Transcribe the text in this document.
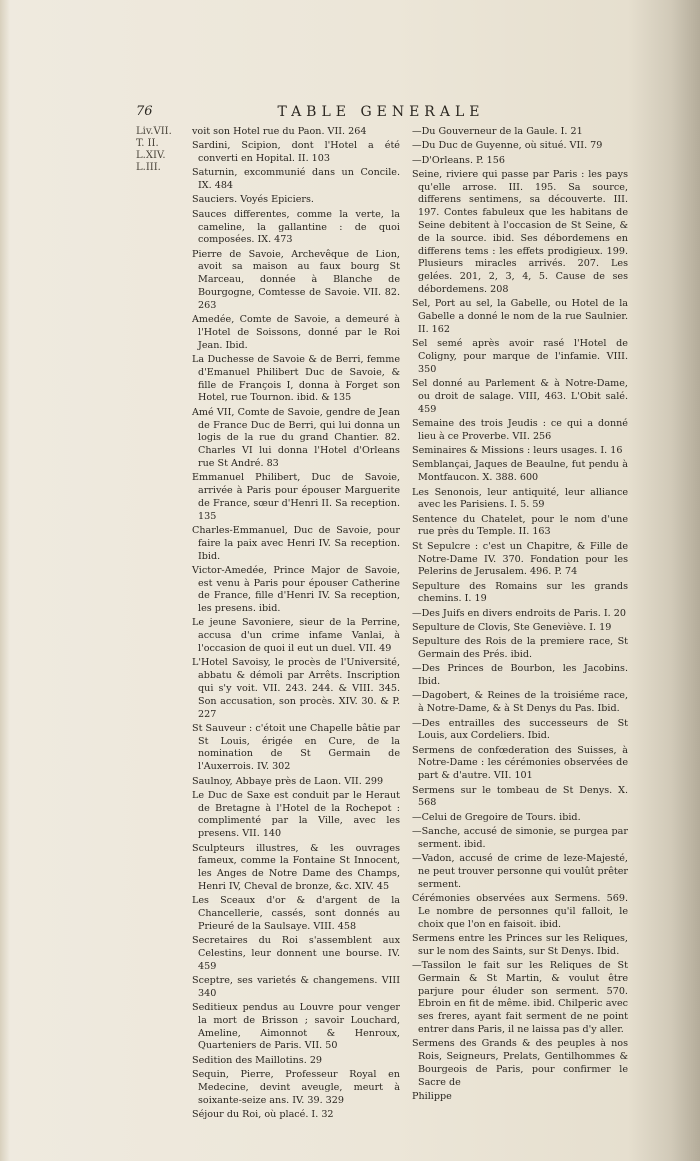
76	TABLE GENERALE
Liv.VII.
T. II.
L.XIV.
L.III.

voit son Hotel rue du Paon. VII. 264

Sardini, Scipion, dont l'Hotel a été converti en Hopital. II. 103

Saturnin, excommunié dans un Concile. IX. 484

Sauciers. Voyés Epiciers.

Sauces differentes, comme la verte, la cameline, la gallantine : de quoi composées. IX. 473

Pierre de Savoie, Archevêque de Lion, avoit sa maison au faux bourg St Marceau, donnée à Blanche de Bourgogne, Comtesse de Savoie. VII. 82. 263

Amedée, Comte de Savoie, a demeuré à l'Hotel de Soissons, donné par le Roi Jean. Ibid.

La Duchesse de Savoie & de Berri, femme d'Emanuel Philibert Duc de Savoie, & fille de François I, donna à Forget son Hotel, rue Tournon. ibid. & 135

Amé VII, Comte de Savoie, gendre de Jean de France Duc de Berri, qui lui donna un logis de la rue du grand Chantier. 82. Charles VI lui donna l'Hotel d'Orleans rue St André. 83

Emmanuel Philibert, Duc de Savoie, arrivée à Paris pour épouser Marguerite de France, sœur d'Henri II. Sa reception. 135

Charles-Emmanuel, Duc de Savoie, pour faire la paix avec Henri IV. Sa reception. Ibid.

Victor-Amedée, Prince Major de Savoie, est venu à Paris pour épouser Catherine de France, fille d'Henri IV. Sa reception, les presens. ibid.

Le jeune Savoniere, sieur de la Perrine, accusa d'un crime infame Vanlai, à l'occasion de quoi il eut un duel. VII. 49

L'Hotel Savoisy, le procès de l'Université, abbatu & démoli par Arrêts. Inscription qui s'y voit. VII. 243. 244. & VIII. 345. Son accusation, son procès. XIV. 30. & P. 227

St Sauveur : c'étoit une Chapelle bâtie par St Louis, érigée en Cure, de la nomination de St Germain de l'Auxerrois. IV. 302

Saulnoy, Abbaye près de Laon. VII. 299

Le Duc de Saxe est conduit par le Heraut de Bretagne à l'Hotel de la Rochepot : complimenté par la Ville, avec les presens. VII. 140

Sculpteurs illustres, & les ouvrages fameux, comme la Fontaine St Innocent, les Anges de Notre Dame des Champs, Henri IV, Cheval de bronze, &c. XIV. 45

Les Sceaux d'or & d'argent de la Chancellerie, cassés, sont donnés au Prieuré de la Saulsaye. VIII. 458

Secretaires du Roi s'assemblent aux Celestins, leur donnent une bourse. IV. 459

Sceptre, ses varietés & changemens. VIII 340

Seditieux pendus au Louvre pour venger la mort de Brisson ; savoir Louchard, Ameline, Aimonnot & Henroux, Quarteniers de Paris. VII. 50

Sedition des Maillotins. 29

Sequin, Pierre, Professeur Royal en Medecine, devint aveugle, meurt à soixante-seize ans. IV. 39. 329

Séjour du Roi, où placé. I. 32

—Du Gouverneur de la Gaule. I. 21

—Du Duc de Guyenne, où situé. VII. 79

—D'Orleans. P. 156

Seine, riviere qui passe par Paris : les pays qu'elle arrose. III. 195. Sa source, differens sentimens, sa découverte. III. 197. Contes fabuleux que les habitans de Seine debitent à l'occasion de St Seine, & de la source. ibid. Ses débordemens en differens tems : les effets prodigieux. 199. Plusieurs miracles arrivés. 207. Les gelées. 201, 2, 3, 4, 5. Cause de ses débordemens. 208

Sel, Port au sel, la Gabelle, ou Hotel de la Gabelle a donné le nom de la rue Saulnier. II. 162

Sel semé après avoir rasé l'Hotel de Coligny, pour marque de l'infamie. VIII. 350

Sel donné au Parlement & à Notre-Dame, ou droit de salage. VIII, 463. L'Obit salé. 459

Semaine des trois Jeudis : ce qui a donné lieu à ce Proverbe. VII. 256

Seminaires & Missions : leurs usages. I. 16

Semblançai, Jaques de Beaulne, fut pendu à Montfaucon. X. 388. 600

Les Senonois, leur antiquité, leur alliance avec les Parisiens. I. 5. 59

Sentence du Chatelet, pour le nom d'une rue près du Temple. II. 163

St Sepulcre : c'est un Chapitre, & Fille de Notre-Dame IV. 370. Fondation pour les Pelerins de Jerusalem. 496. P. 74

Sepulture des Romains sur les grands chemins. I. 19

—Des Juifs en divers endroits de Paris. I. 20

Sepulture de Clovis, Ste Geneviève. I. 19

Sepulture des Rois de la premiere race, St Germain des Prés. ibid.

—Des Princes de Bourbon, les Jacobins. Ibid.

—Dagobert, & Reines de la troisiéme race, à Notre-Dame, & à St Denys du Pas. Ibid.

—Des entrailles des successeurs de St Louis, aux Cordeliers. Ibid.

Sermens de confœderation des Suisses, à Notre-Dame : les cérémonies observées de part & d'autre. VII. 101

Sermens sur le tombeau de St Denys. X. 568

—Celui de Gregoire de Tours. ibid.

—Sanche, accusé de simonie, se purgea par serment. ibid.

—Vadon, accusé de crime de leze-Majesté, ne peut trouver personne qui voulût prêter serment.

Cérémonies observées aux Sermens. 569. Le nombre de personnes qu'il falloit, le choix que l'on en faisoit. ibid.

Sermens entre les Princes sur les Reliques, sur le nom des Saints, sur St Denys. Ibid.

—Tassilon le fait sur les Reliques de St Germain & St Martin, & voulut être parjure pour éluder son serment. 570. Ebroin en fit de même. ibid. Chilperic avec ses freres, ayant fait serment de ne point entrer dans Paris, il ne laissa pas d'y aller.

Sermens des Grands & des peuples à nos Rois, Seigneurs, Prelats, Gentilhommes & Bourgeois de Paris, pour confirmer le Sacre de

Philippe
